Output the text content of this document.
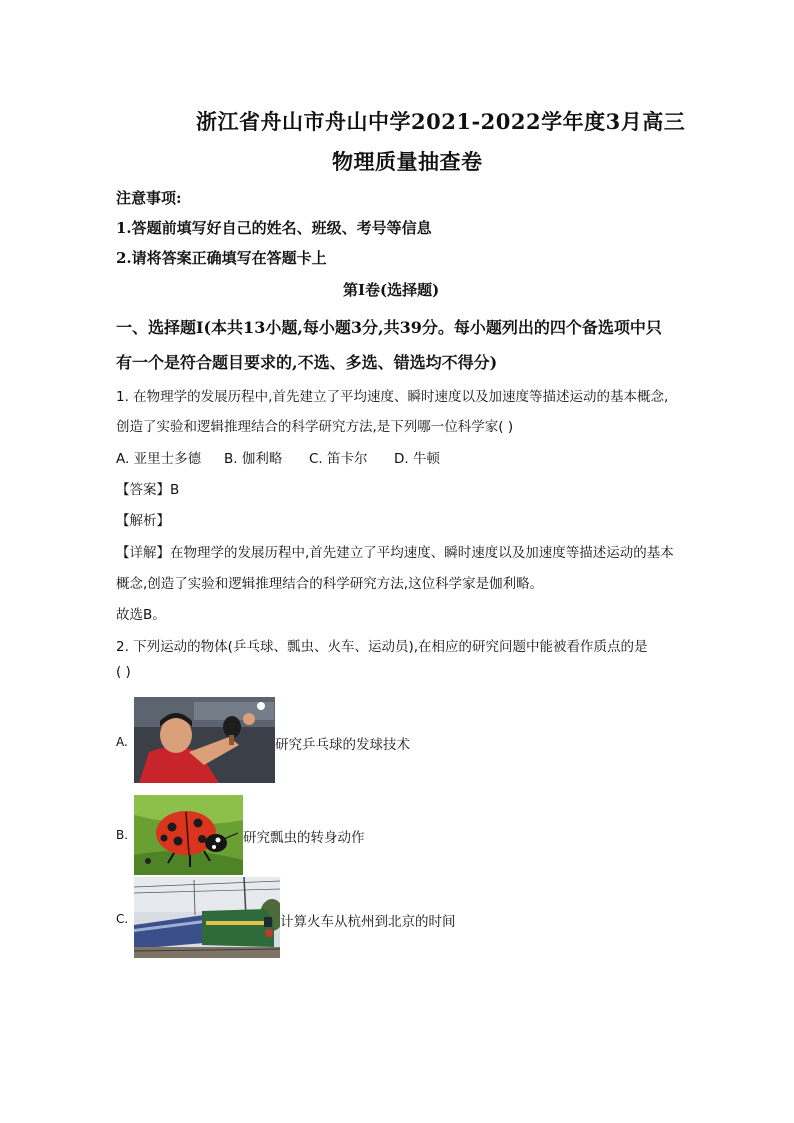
浙江省舟山市舟山中学2021-2022学年度3月高三
物理质量抽查卷
注意事项:
1.答题前填写好自己的姓名、班级、考号等信息
2.请将答案正确填写在答题卡上
第I卷(选择题)
一、选择题Ⅰ(本共13小题,每小题3分,共39分。每小题列出的四个备选项中只
有一个是符合题目要求的,不选、多选、错选均不得分)
1. 在物理学的发展历程中,首先建立了平均速度、瞬时速度以及加速度等描述运动的基本概念,
创造了实验和逻辑推理结合的科学研究方法,是下列哪一位科学家( )
A. 亚里士多德 B. 伽利略 C. 笛卡尔 D. 牛顿
【答案】B
【解析】
【详解】在物理学的发展历程中,首先建立了平均速度、瞬时速度以及加速度等描述运动的基本
概念,创造了实验和逻辑推理结合的科学研究方法,这位科学家是伽利略。
故选B。
2. 下列运动的物体(乒乓球、瓢虫、火车、运动员),在相应的研究问题中能被看作质点的是
( )
A.	研究乒乓球的发球技术
B.	研究瓢虫的转身动作
C.	计算火车从杭州到北京的时间
